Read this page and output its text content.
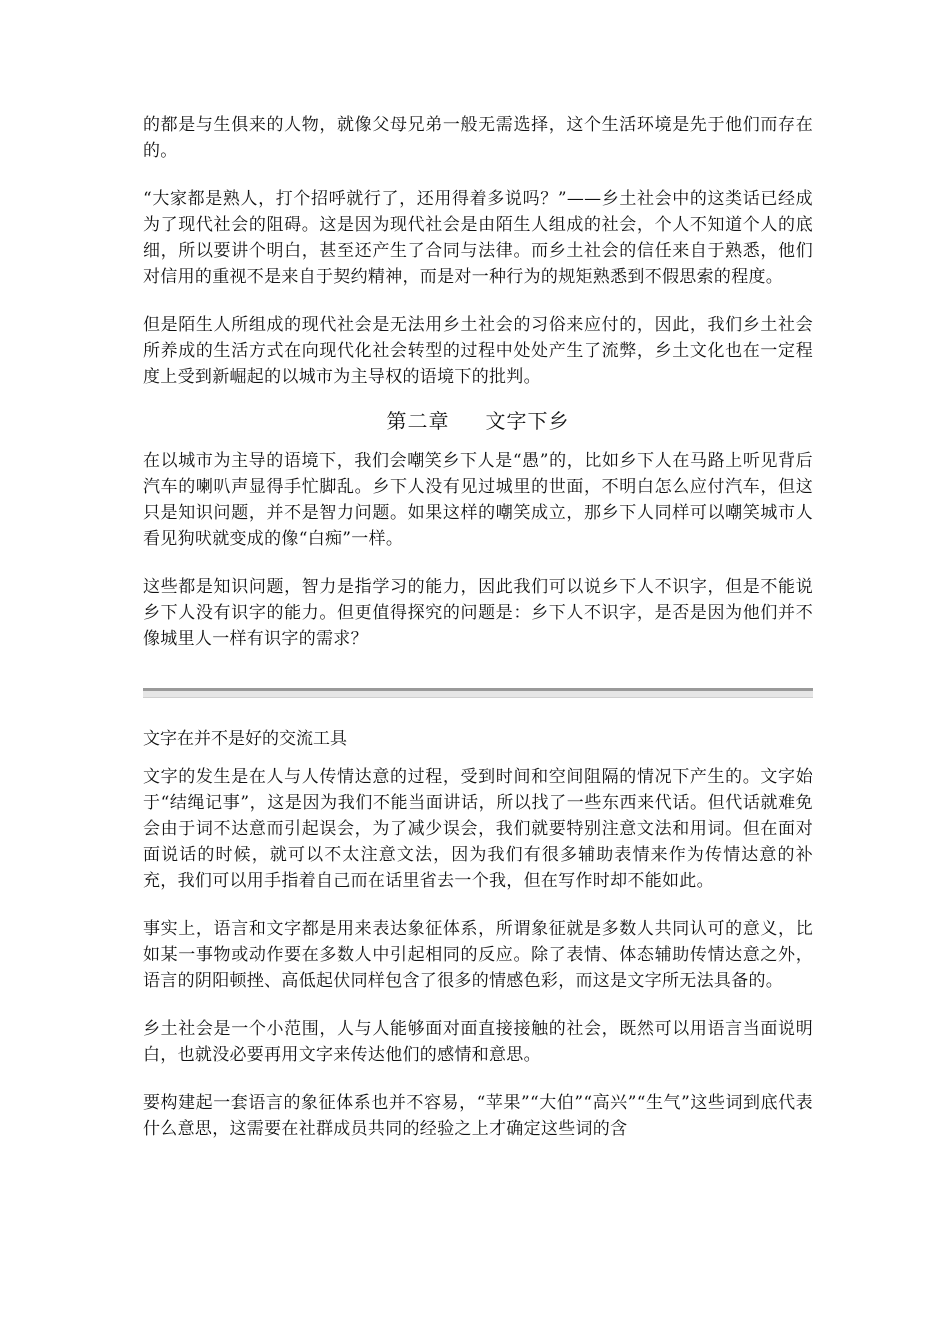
的都是与生俱来的人物，就像父母兄弟一般无需选择，这个生活环境是先于他们而存在的。

“大家都是熟人，打个招呼就行了，还用得着多说吗？”——乡土社会中的这类话已经成为了现代社会的阻碍。这是因为现代社会是由陌生人组成的社会，个人不知道个人的底细，所以要讲个明白，甚至还产生了合同与法律。而乡土社会的信任来自于熟悉，他们对信用的重视不是来自于契约精神，而是对一种行为的规矩熟悉到不假思索的程度。

但是陌生人所组成的现代社会是无法用乡土社会的习俗来应付的，因此，我们乡土社会所养成的生活方式在向现代化社会转型的过程中处处产生了流弊，乡土文化也在一定程度上受到新崛起的以城市为主导权的语境下的批判。

第二章 文字下乡

在以城市为主导的语境下，我们会嘲笑乡下人是“愚”的，比如乡下人在马路上听见背后汽车的喇叭声显得手忙脚乱。乡下人没有见过城里的世面，不明白怎么应付汽车，但这只是知识问题，并不是智力问题。如果这样的嘲笑成立，那乡下人同样可以嘲笑城市人看见狗吠就变成的像“白痴”一样。

这些都是知识问题，智力是指学习的能力，因此我们可以说乡下人不识字，但是不能说乡下人没有识字的能力。但更值得探究的问题是：乡下人不识字，是否是因为他们并不像城里人一样有识字的需求？

文字在并不是好的交流工具

文字的发生是在人与人传情达意的过程，受到时间和空间阻隔的情况下产生的。文字始于“结绳记事”，这是因为我们不能当面讲话，所以找了一些东西来代话。但代话就难免会由于词不达意而引起误会，为了减少误会，我们就要特别注意文法和用词。但在面对面说话的时候，就可以不太注意文法，因为我们有很多辅助表情来作为传情达意的补充，我们可以用手指着自己而在话里省去一个我，但在写作时却不能如此。

事实上，语言和文字都是用来表达象征体系，所谓象征就是多数人共同认可的意义，比如某一事物或动作要在多数人中引起相同的反应。除了表情、体态辅助传情达意之外，语言的阴阳顿挫、高低起伏同样包含了很多的情感色彩，而这是文字所无法具备的。

乡土社会是一个小范围，人与人能够面对面直接接触的社会，既然可以用语言当面说明白，也就没必要再用文字来传达他们的感情和意思。

要构建起一套语言的象征体系也并不容易，“苹果”“大伯”“高兴”“生气”这些词到底代表什么意思，这需要在社群成员共同的经验之上才确定这些词的含
